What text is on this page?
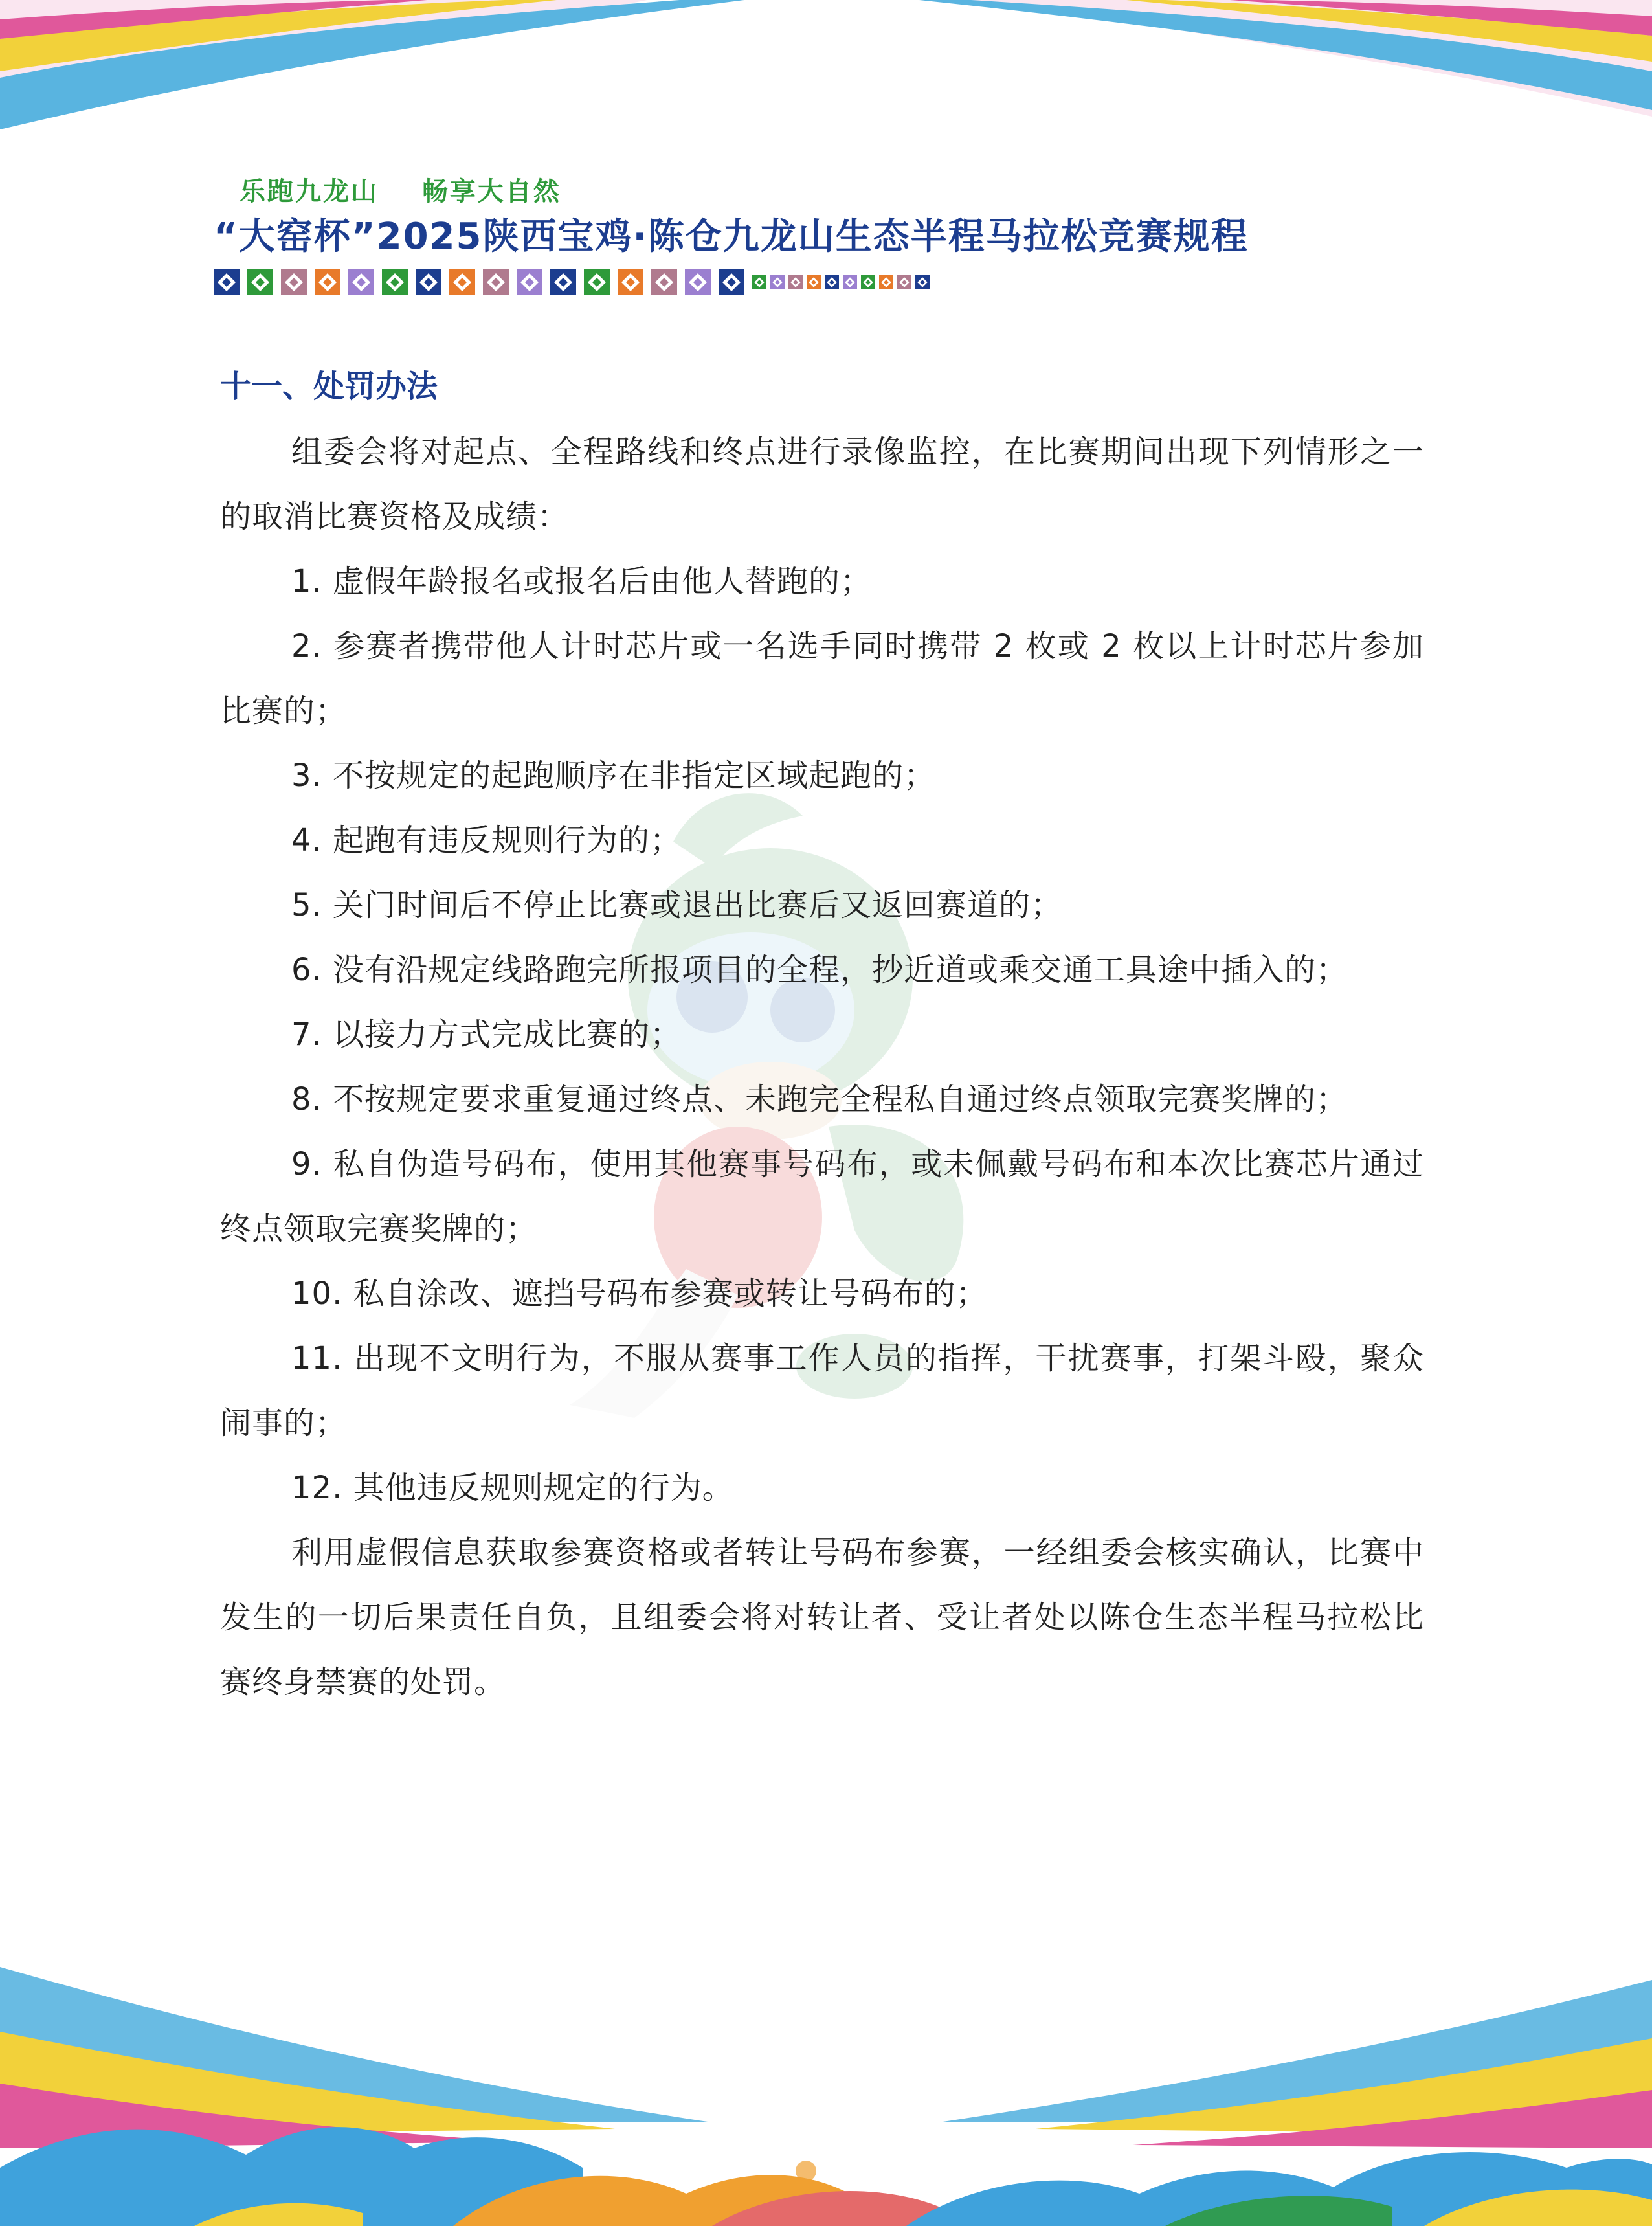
乐跑九龙山 畅享大自然
“大窑杯”2025陕西宝鸡·陈仓九龙山生态半程马拉松竞赛规程
十一、处罚办法

组委会将对起点、全程路线和终点进行录像监控，在比赛期间出现下列情形之一的取消比赛资格及成绩：

1. 虚假年龄报名或报名后由他人替跑的；

2. 参赛者携带他人计时芯片或一名选手同时携带 2 枚或 2 枚以上计时芯片参加比赛的；

3. 不按规定的起跑顺序在非指定区域起跑的；

4. 起跑有违反规则行为的；

5. 关门时间后不停止比赛或退出比赛后又返回赛道的；

6. 没有沿规定线路跑完所报项目的全程，抄近道或乘交通工具途中插入的；

7. 以接力方式完成比赛的；

8. 不按规定要求重复通过终点、未跑完全程私自通过终点领取完赛奖牌的；

9. 私自伪造号码布，使用其他赛事号码布，或未佩戴号码布和本次比赛芯片通过终点领取完赛奖牌的；

10. 私自涂改、遮挡号码布参赛或转让号码布的；

11. 出现不文明行为，不服从赛事工作人员的指挥，干扰赛事，打架斗殴，聚众闹事的；

12. 其他违反规则规定的行为。

利用虚假信息获取参赛资格或者转让号码布参赛，一经组委会核实确认，比赛中发生的一切后果责任自负，且组委会将对转让者、受让者处以陈仓生态半程马拉松比赛终身禁赛的处罚。
